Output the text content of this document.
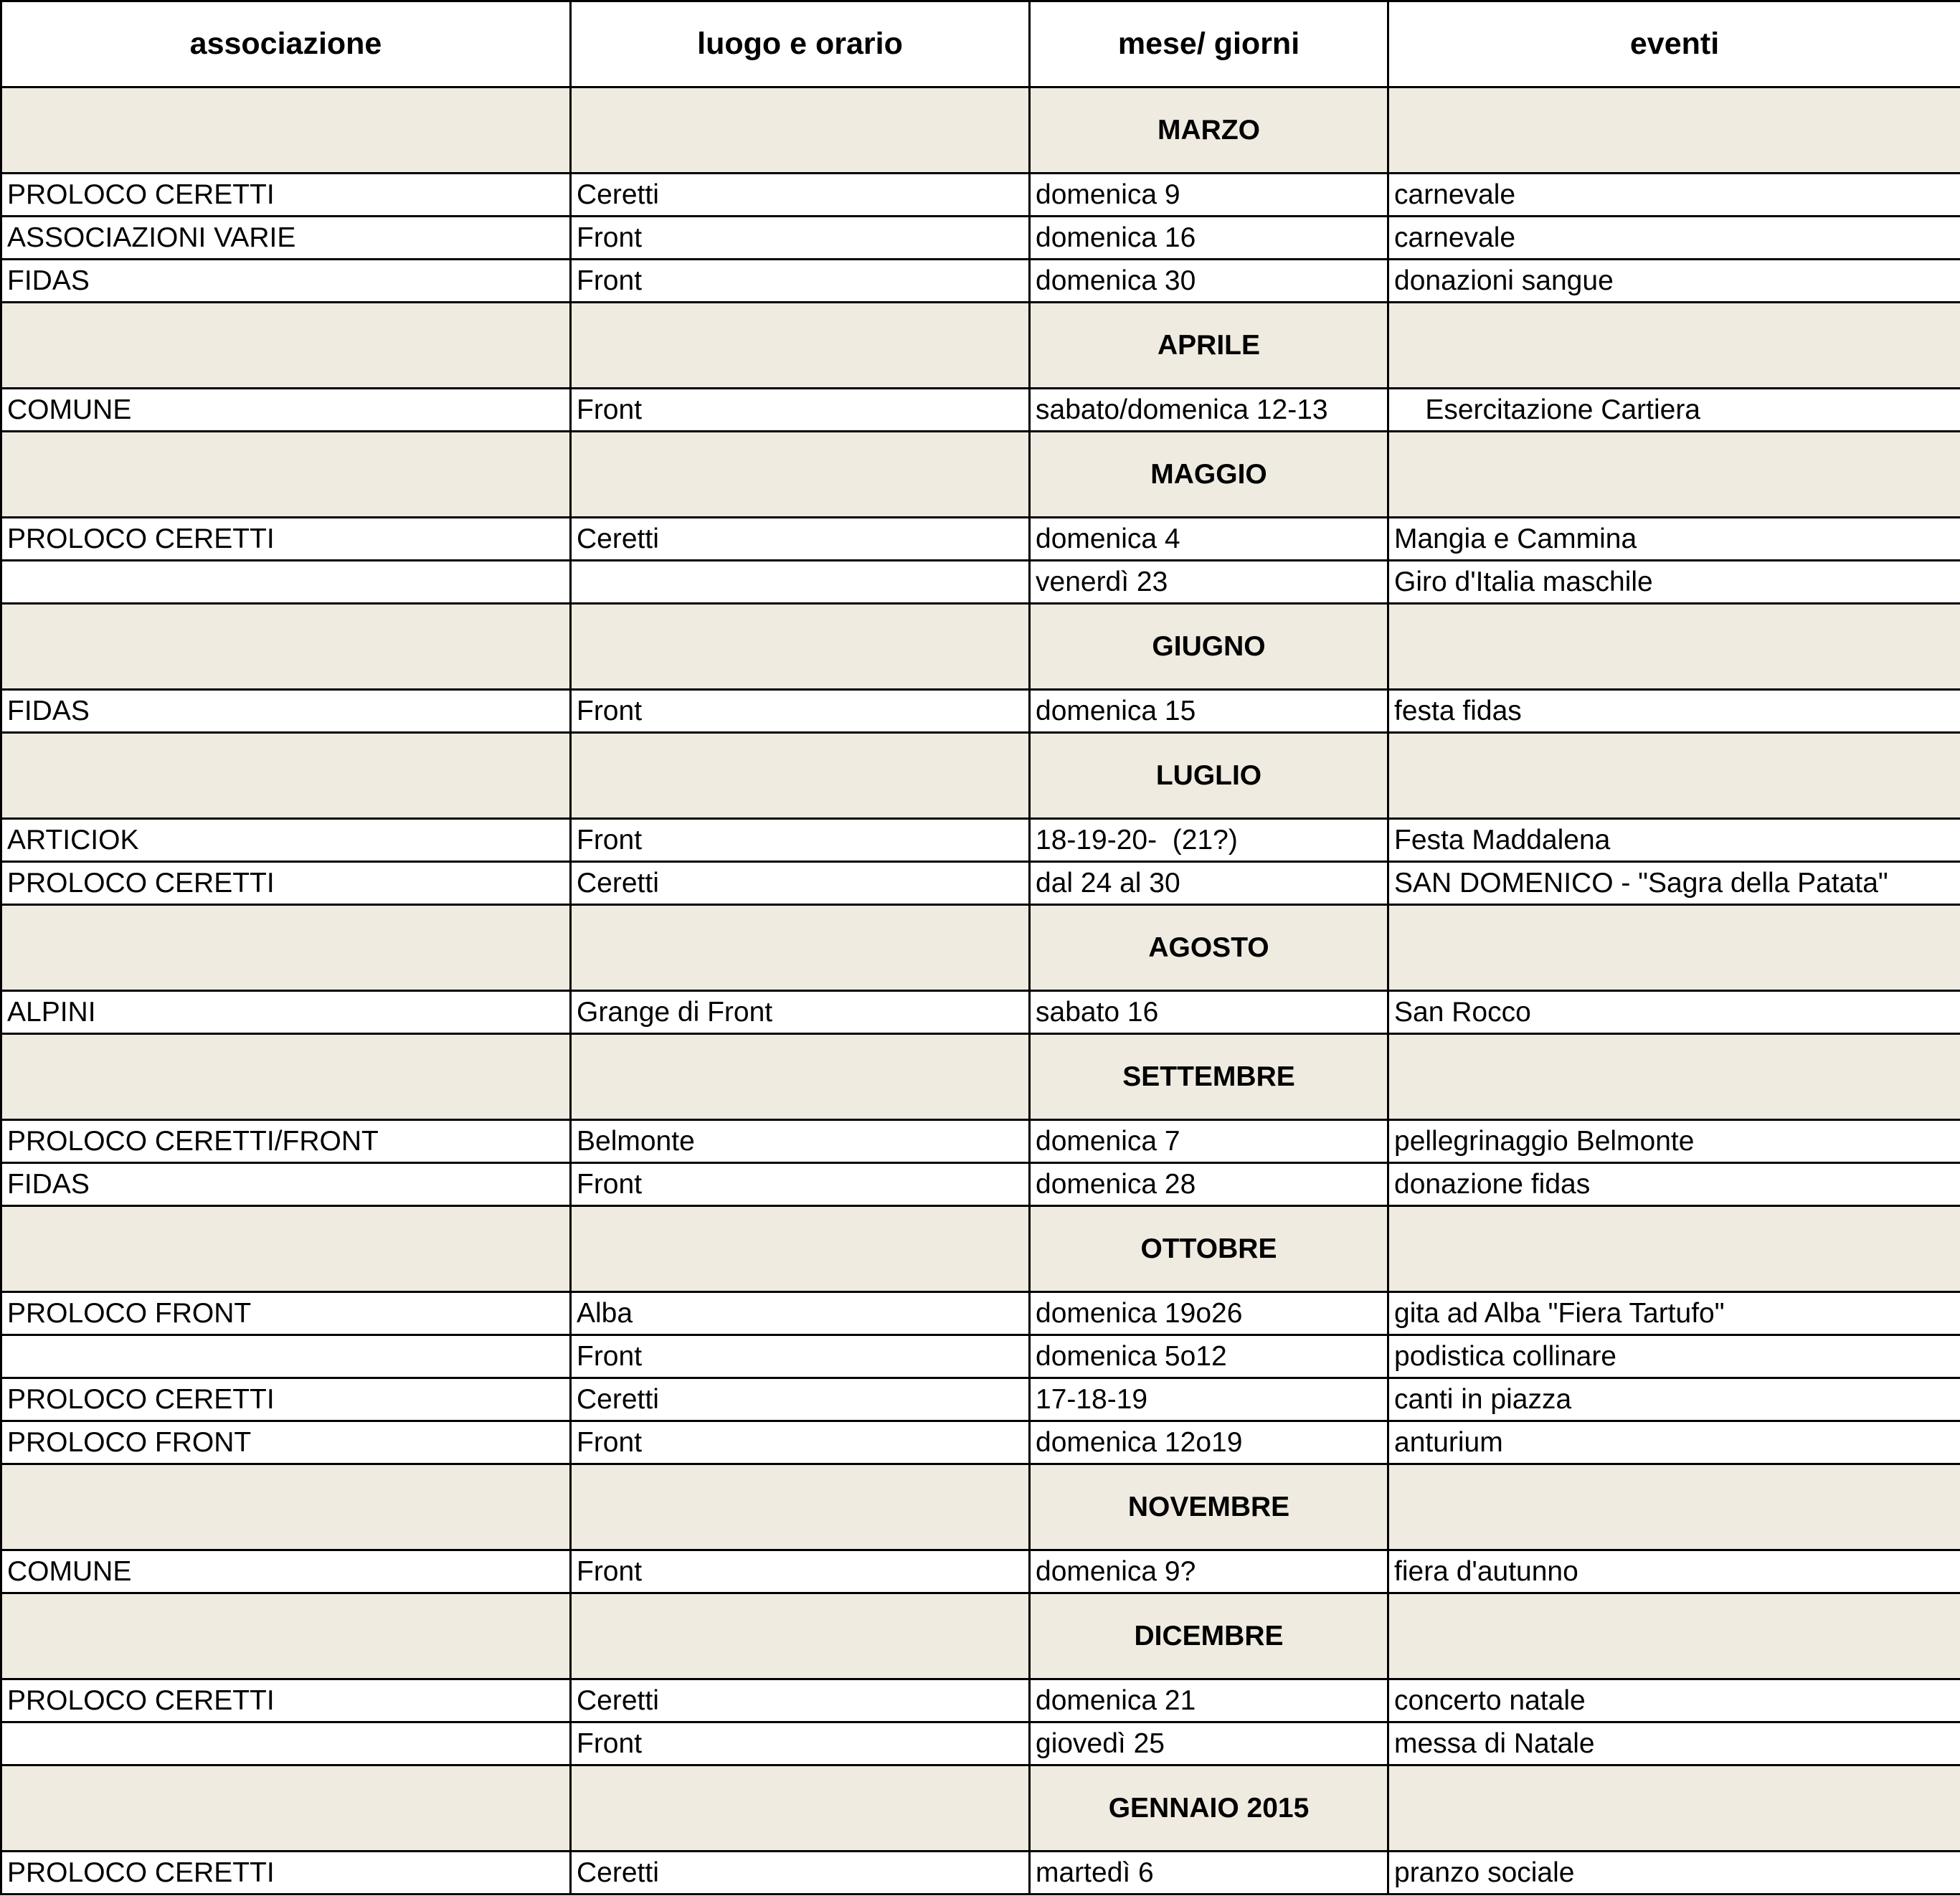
associazione	luogo e orario	mese/ giorni	eventi
		MARZO	
PROLOCO CERETTI	Ceretti	domenica 9	carnevale
ASSOCIAZIONI VARIE	Front	domenica 16	carnevale
FIDAS	Front	domenica 30	donazioni sangue
		APRILE	
COMUNE	Front	sabato/domenica 12-13	Esercitazione Cartiera
		MAGGIO	
PROLOCO CERETTI	Ceretti	domenica 4	Mangia e Cammina
		venerdì 23	Giro d'Italia maschile
		GIUGNO	
FIDAS	Front	domenica 15	festa fidas
		LUGLIO	
ARTICIOK	Front	18-19-20-  (21?)	Festa Maddalena
PROLOCO CERETTI	Ceretti	dal 24 al 30	SAN DOMENICO - "Sagra della Patata"
		AGOSTO	
ALPINI	Grange di Front	sabato 16	San Rocco
		SETTEMBRE	
PROLOCO CERETTI/FRONT	Belmonte	domenica 7	pellegrinaggio Belmonte
FIDAS	Front	domenica 28	donazione fidas
		OTTOBRE	
PROLOCO FRONT	Alba	domenica 19o26	gita ad Alba "Fiera Tartufo"
	Front	domenica 5o12	podistica collinare
PROLOCO CERETTI	Ceretti	17-18-19	canti in piazza
PROLOCO FRONT	Front	domenica 12o19	anturium
		NOVEMBRE	
COMUNE	Front	domenica 9?	fiera d'autunno
		DICEMBRE	
PROLOCO CERETTI	Ceretti	domenica 21	concerto natale
	Front	giovedì 25	messa di Natale
		GENNAIO 2015	
PROLOCO CERETTI	Ceretti	martedì 6	pranzo sociale
